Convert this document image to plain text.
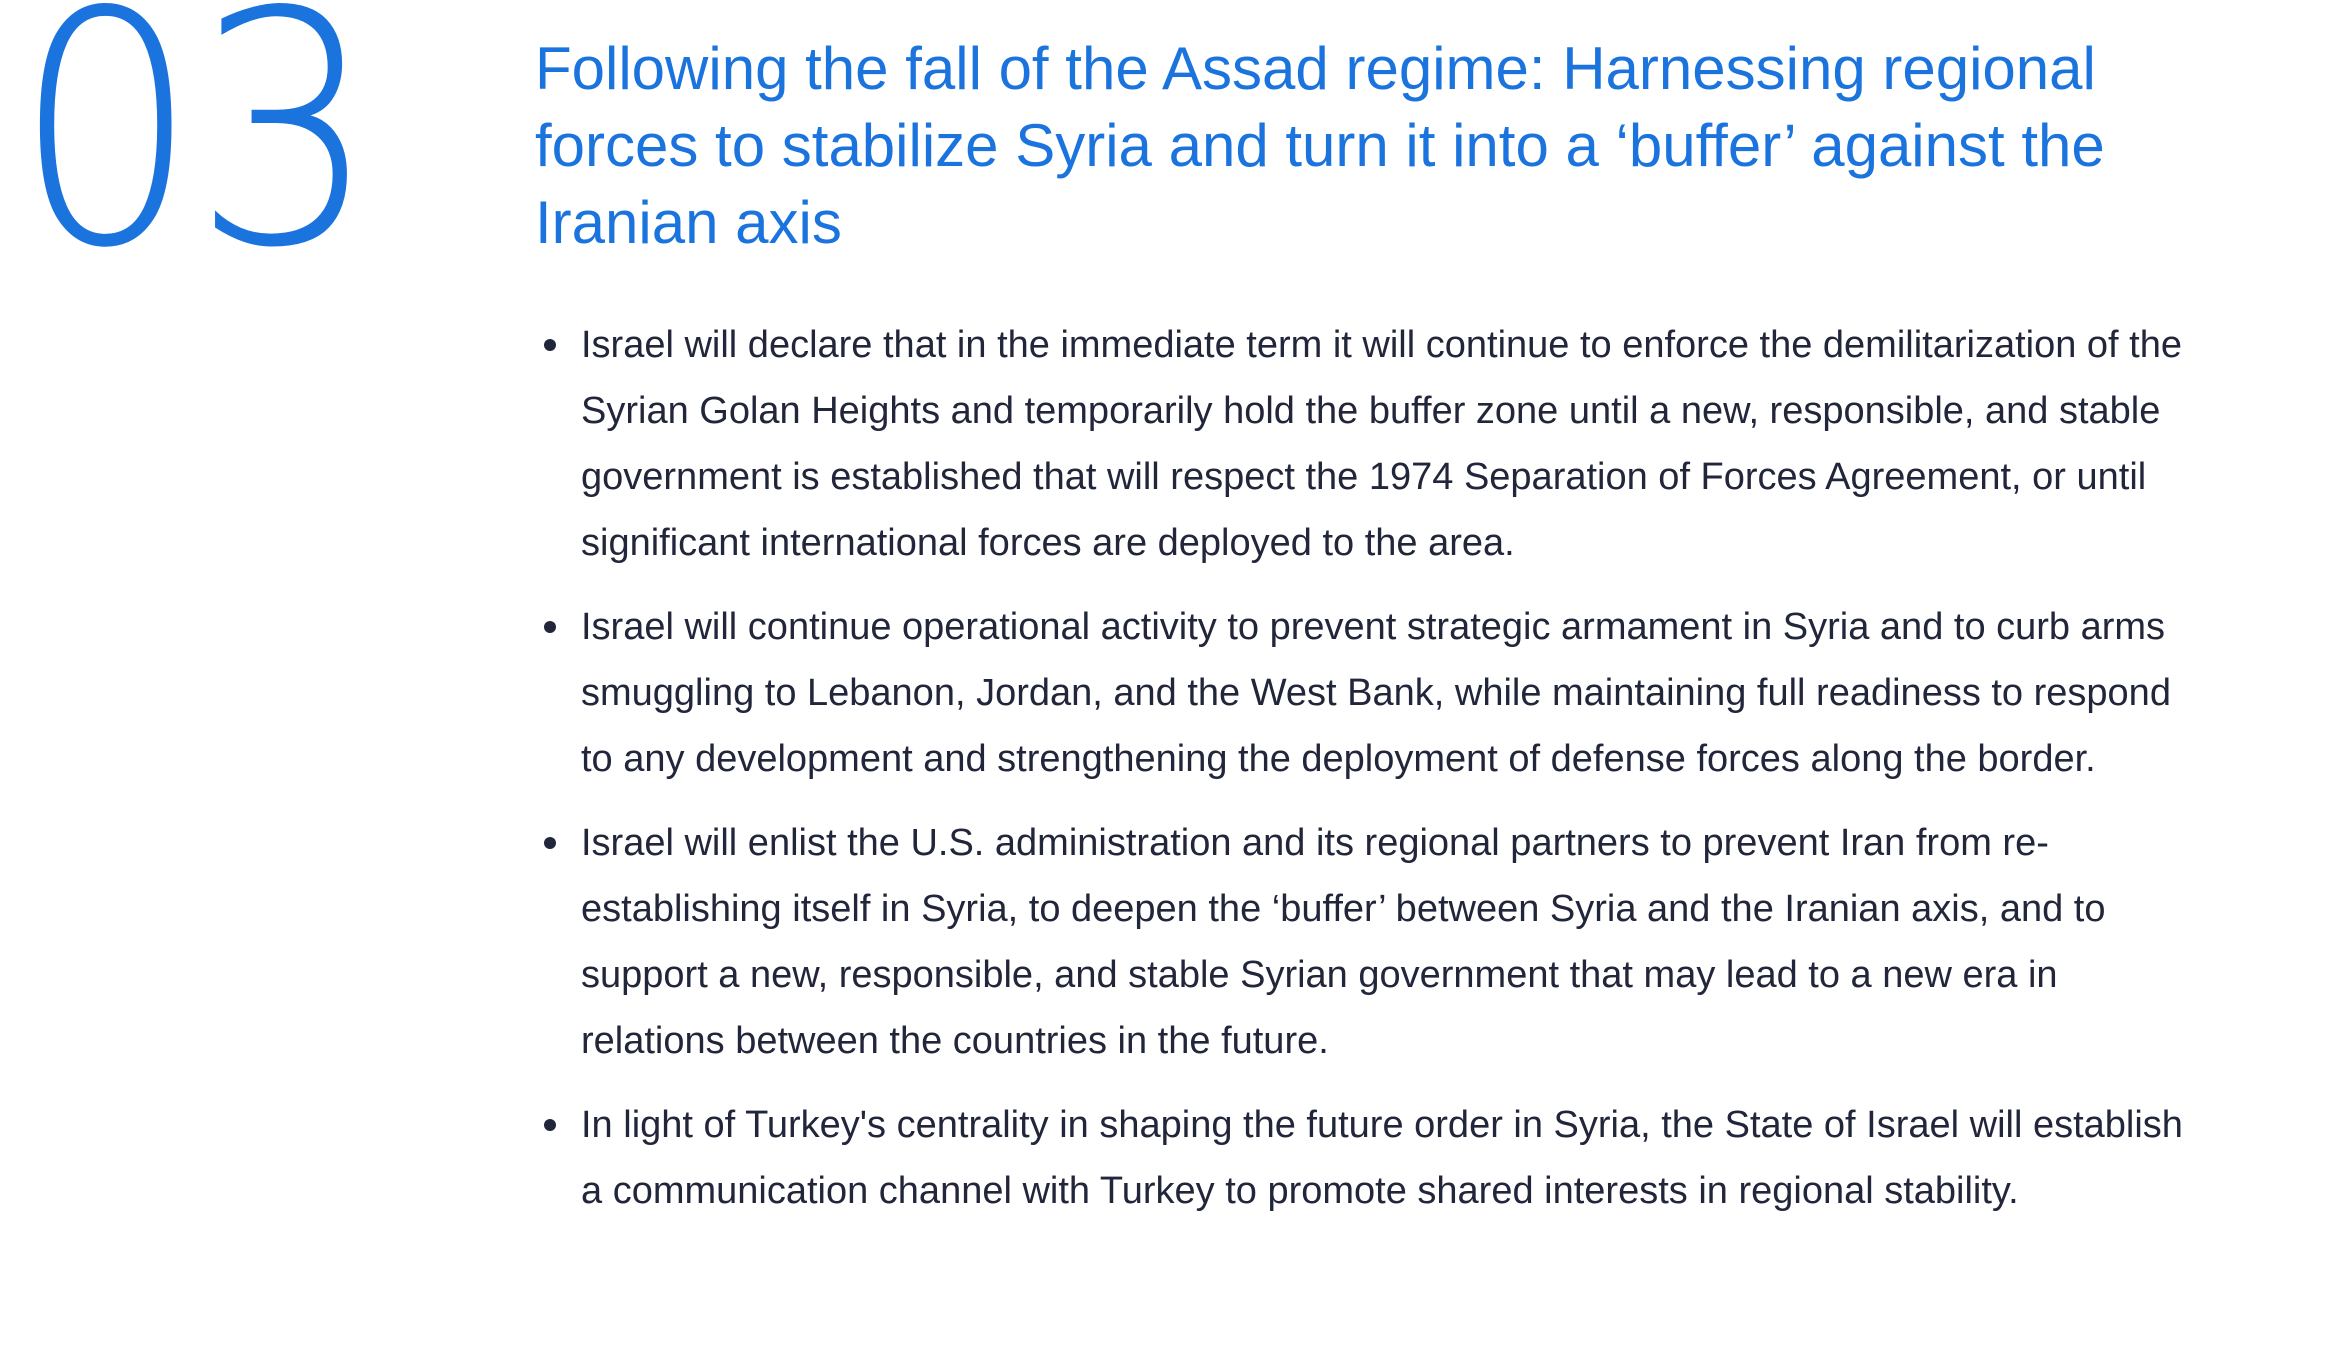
03	Following the fall of the Assad regime: Harnessing regional forces to stabilize Syria and turn it into a ‘buffer’ against the Iranian axis
Israel will declare that in the immediate term it will continue to enforce the demilitarization of the Syrian Golan Heights and temporarily hold the buffer zone until a new, responsible, and stable government is established that will respect the 1974 Separation of Forces Agreement, or until significant international forces are deployed to the area.
Israel will continue operational activity to prevent strategic armament in Syria and to curb arms smuggling to Lebanon, Jordan, and the West Bank, while maintaining full readiness to respond to any development and strengthening the deployment of defense forces along the border.
Israel will enlist the U.S. administration and its regional partners to prevent Iran from re-establishing itself in Syria, to deepen the ‘buffer’ between Syria and the Iranian axis, and to support a new, responsible, and stable Syrian government that may lead to a new era in relations between the countries in the future.
In light of Turkey's centrality in shaping the future order in Syria, the State of Israel will establish a communication channel with Turkey to promote shared interests in regional stability.
